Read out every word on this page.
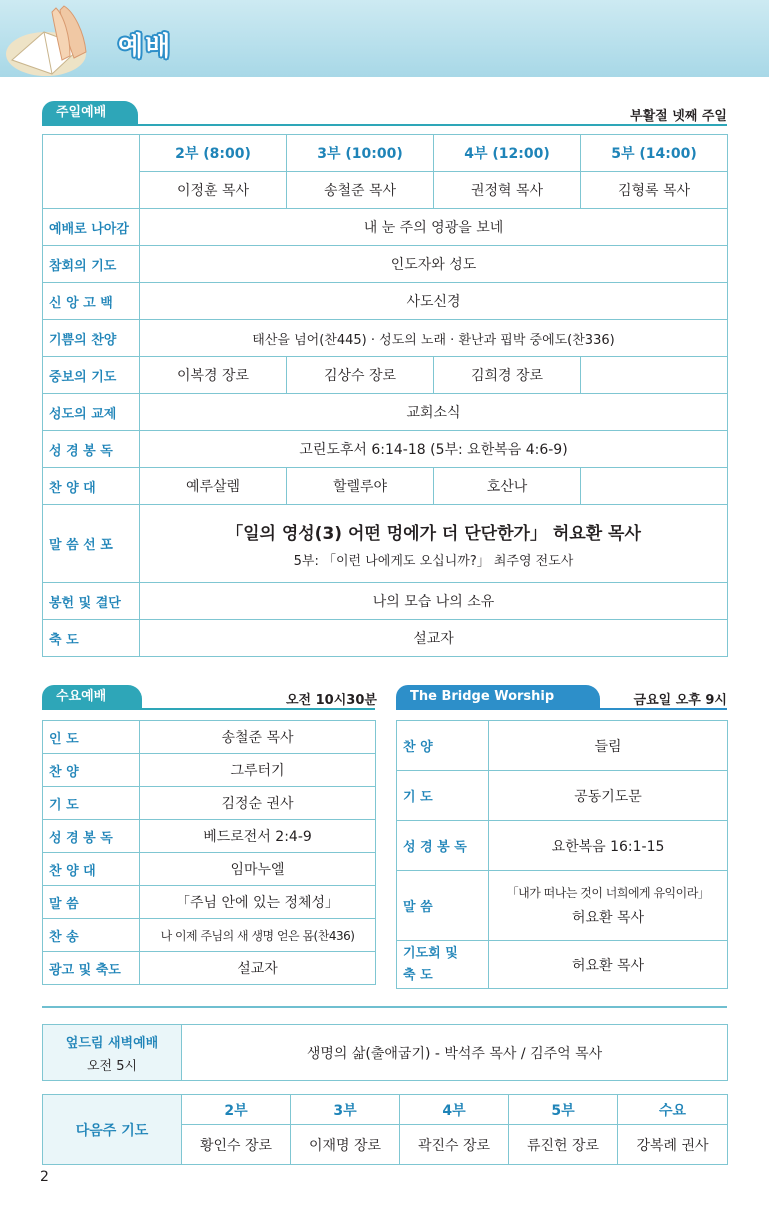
예배
주일예배	부활절 넷째 주일
	2부 (8:00)	3부 (10:00)	4부 (12:00)	5부 (14:00)
	이정훈 목사	송철준 목사	권정혁 목사	김형록 목사
예배로 나아감	내 눈 주의 영광을 보네			
참회의 기도	인도자와 성도			
신 앙 고 백	사도신경			
기쁨의 찬양	태산을 넘어(찬445) · 성도의 노래 · 환난과 핍박 중에도(찬336)			
중보의 기도	이복경 장로	김상수 장로	김희경 장로	
성도의 교제	교회소식			
성 경 봉 독	고린도후서 6:14-18 (5부: 요한복음 4:6-9)			
찬 양 대	예루살렘	할렐루야	호산나	
말 씀 선 포	「일의 영성(3) 어떤 멍에가 더 단단한가」 허요환 목사
5부: 「이런 나에게도 오십니까?」 최주영 전도사			

봉헌 및 결단	나의 모습 나의 소유			
축 도	설교자			
수요예배	오전 10시30분
인 도	송철준 목사
찬 양	그루터기
기 도	김정순 권사
성 경 봉 독	베드로전서 2:4-9
찬 양 대	임마누엘
말 씀	「주님 안에 있는 정체성」
찬 송	나 이제 주님의 새 생명 얻은 몸(찬436)
광고 및 축도	설교자
The Bridge Worship	금요일 오후 9시
찬 양	들림
기 도	공동기도문
성 경 봉 독	요한복음 16:1-15
말 씀	「내가 떠나는 것이 너희에게 유익이라」
허요환 목사

기도회 및
축 도	허요환 목사
엎드림 새벽예배
오전 5시
	생명의 삶(출애굽기) - 박석주 목사 / 김주억 목사
다음주 기도	2부	3부	4부	5부	수요
	황인수 장로	이재명 장로	곽진수 장로	류진헌 장로	강복례 권사
2
